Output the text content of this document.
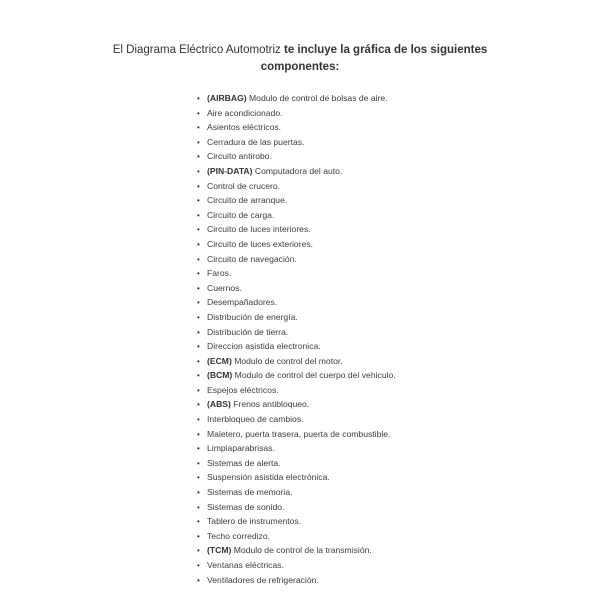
El Diagrama Eléctrico Automotriz te incluye la gráfica de los siguientes
componentes:
• (AIRBAG) Modulo de control de bolsas de aire.
• Aire acondicionado.
• Asientos eléctricos.
• Cerradura de las puertas.
• Circuito antirobo.
• (PIN-DATA) Computadora del auto.
• Control de crucero.
• Circuito de arranque.
• Circuito de carga.
• Circuito de luces interiores.
• Circuito de luces exteriores.
• Circuito de navegación.
• Faros.
• Cuernos.
• Desempañadores.
• Distribución de energía.
• Distribución de tierra.
• Direccion asistida electronica.
• (ECM) Modulo de control del motor.
• (BCM) Modulo de control del cuerpo del vehiculo.
• Espejos eléctricos.
• (ABS) Frenos antibloqueo.
• Interbloqueo de cambios.
• Maletero, puerta trasera, puerta de combustible.
• Limpiaparabrisas.
• Sistemas de alerta.
• Suspensión asistida electrónica.
• Sistemas de memoria.
• Sistemas de sonido.
• Tablero de instrumentos.
• Techo corredizo.
• (TCM) Modulo de control de la transmisión.
• Ventanas eléctricas.
• Ventiladores de refrigeración.
